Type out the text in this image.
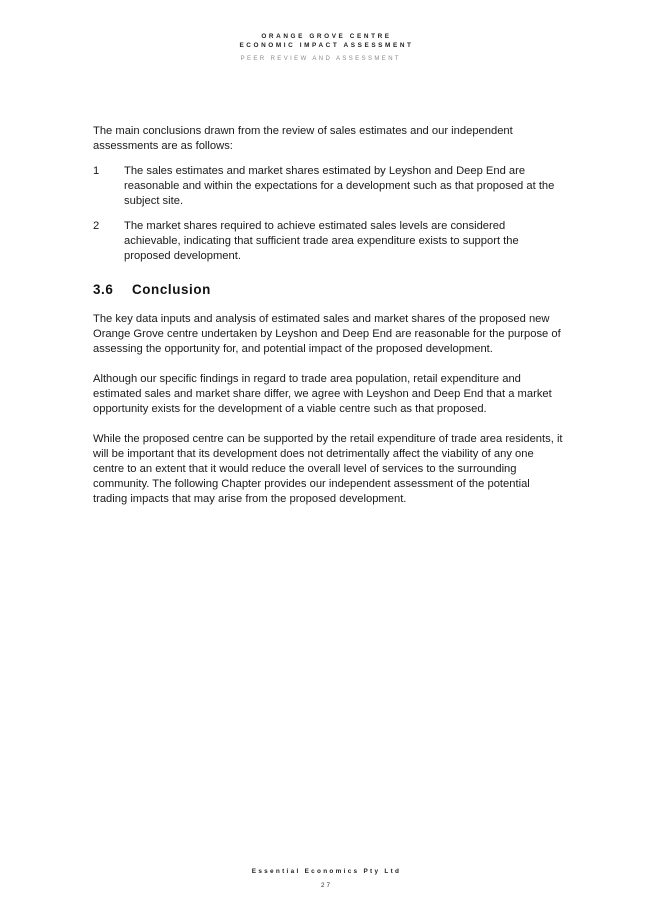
ORANGE GROVE CENTRE
ECONOMIC IMPACT ASSESSMENT
PEER REVIEW AND ASSESSMENT

The main conclusions drawn from the review of sales estimates and our independent assessments are as follows:

1	The sales estimates and market shares estimated by Leyshon and Deep End are reasonable and within the expectations for a development such as that proposed at the subject site.
2	The market shares required to achieve estimated sales levels are considered achievable, indicating that sufficient trade area expenditure exists to support the proposed development.
3.6	Conclusion

The key data inputs and analysis of estimated sales and market shares of the proposed new Orange Grove centre undertaken by Leyshon and Deep End are reasonable for the purpose of assessing the opportunity for, and potential impact of the proposed development.

Although our specific findings in regard to trade area population, retail expenditure and estimated sales and market share differ, we agree with Leyshon and Deep End that a market opportunity exists for the development of a viable centre such as that proposed.

While the proposed centre can be supported by the retail expenditure of trade area residents, it will be important that its development does not detrimentally affect the viability of any one centre to an extent that it would reduce the overall level of services to the surrounding community. The following Chapter provides our independent assessment of the potential trading impacts that may arise from the proposed development.

Essential Economics Pty Ltd
27
